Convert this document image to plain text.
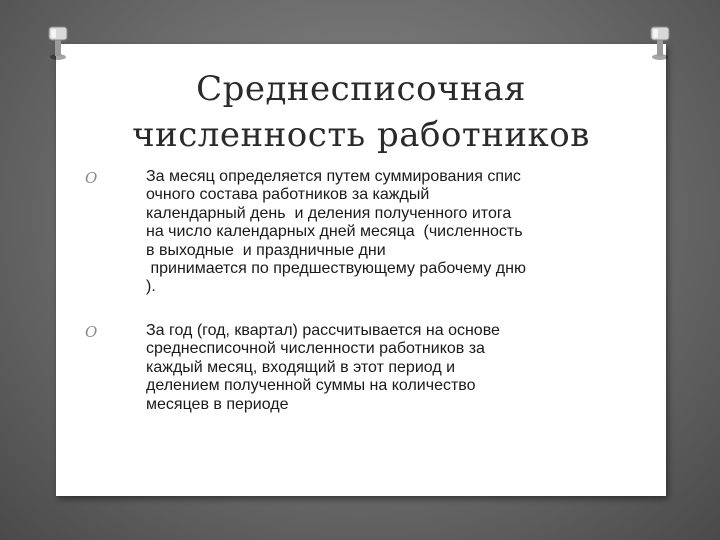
Среднесписочная
численность работников
O	За месяц определяется путем суммирования спис
очного состава работников за каждый
календарный день  и деления полученного итога
на число календарных дней месяца  (численность
в выходные  и праздничные дни
принимается по предшествующему рабочему дню
).
O	За год (год, квартал) рассчитывается на основе
среднесписочной численности работников за
каждый месяц, входящий в этот период и
делением полученной суммы на количество
месяцев в периоде
